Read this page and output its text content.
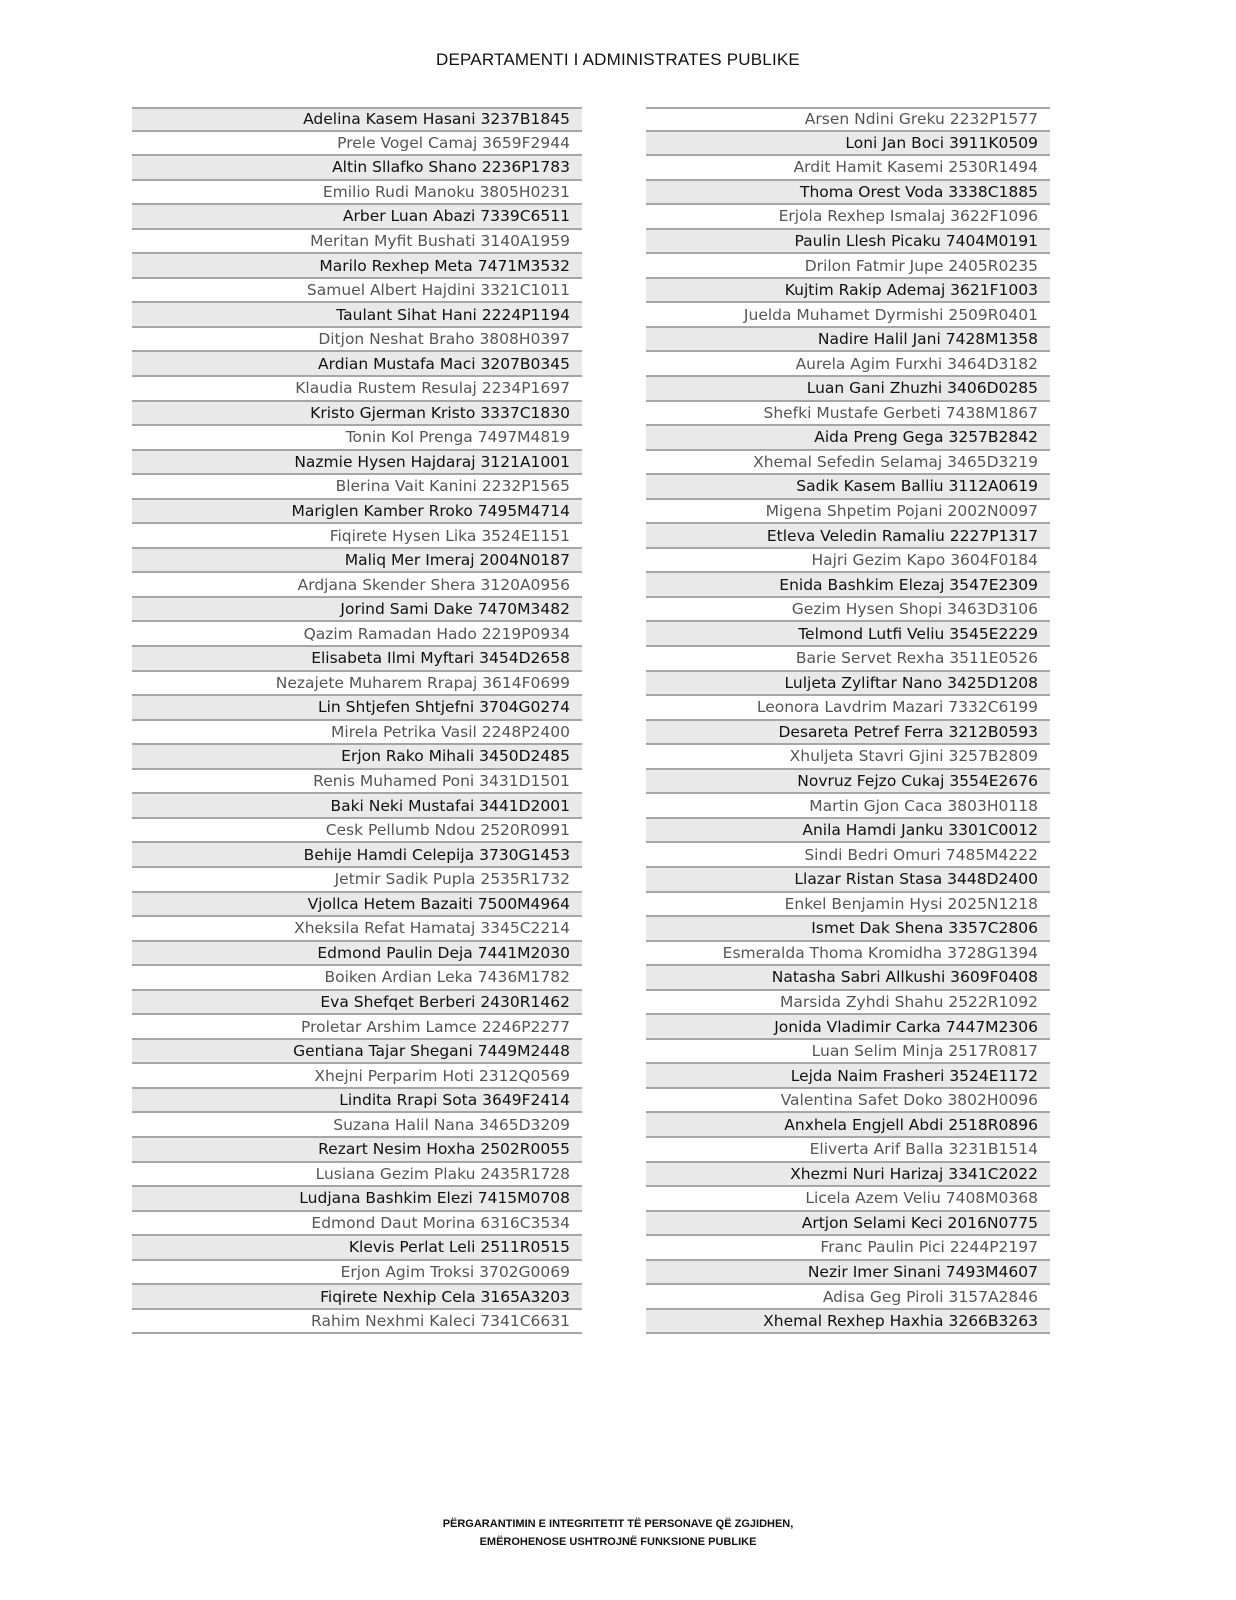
DEPARTAMENTI I ADMINISTRATES PUBLIKE
Adelina Kasem Hasani 3237B1845
Prele Vogel Camaj 3659F2944
Altin Sllafko Shano 2236P1783
Emilio Rudi Manoku 3805H0231
Arber Luan Abazi 7339C6511
Meritan Myfit Bushati 3140A1959
Marilo Rexhep Meta 7471M3532
Samuel Albert Hajdini 3321C1011
Taulant Sihat Hani 2224P1194
Ditjon Neshat Braho 3808H0397
Ardian Mustafa Maci 3207B0345
Klaudia Rustem Resulaj 2234P1697
Kristo Gjerman Kristo 3337C1830
Tonin Kol Prenga 7497M4819
Nazmie Hysen Hajdaraj 3121A1001
Blerina Vait Kanini 2232P1565
Mariglen Kamber Rroko 7495M4714
Fiqirete Hysen Lika 3524E1151
Maliq Mer Imeraj 2004N0187
Ardjana Skender Shera 3120A0956
Jorind Sami Dake 7470M3482
Qazim Ramadan Hado 2219P0934
Elisabeta Ilmi Myftari 3454D2658
Nezajete Muharem Rrapaj 3614F0699
Lin Shtjefen Shtjefni 3704G0274
Mirela Petrika Vasil 2248P2400
Erjon Rako Mihali 3450D2485
Renis Muhamed Poni 3431D1501
Baki Neki Mustafai 3441D2001
Cesk Pellumb Ndou 2520R0991
Behije Hamdi Celepija 3730G1453
Jetmir Sadik Pupla 2535R1732
Vjollca Hetem Bazaiti 7500M4964
Xheksila Refat Hamataj 3345C2214
Edmond Paulin Deja 7441M2030
Boiken Ardian Leka 7436M1782
Eva Shefqet Berberi 2430R1462
Proletar Arshim Lamce 2246P2277
Gentiana Tajar Shegani 7449M2448
Xhejni Perparim Hoti 2312Q0569
Lindita Rrapi Sota 3649F2414
Suzana Halil Nana 3465D3209
Rezart Nesim Hoxha 2502R0055
Lusiana Gezim Plaku 2435R1728
Ludjana Bashkim Elezi 7415M0708
Edmond Daut Morina 6316C3534
Klevis Perlat Leli 2511R0515
Erjon Agim Troksi 3702G0069
Fiqirete Nexhip Cela 3165A3203
Rahim Nexhmi Kaleci 7341C6631
Arsen Ndini Greku 2232P1577
Loni Jan Boci 3911K0509
Ardit Hamit Kasemi 2530R1494
Thoma Orest Voda 3338C1885
Erjola Rexhep Ismalaj 3622F1096
Paulin Llesh Picaku 7404M0191
Drilon Fatmir Jupe 2405R0235
Kujtim Rakip Ademaj 3621F1003
Juelda Muhamet Dyrmishi 2509R0401
Nadire Halil Jani 7428M1358
Aurela Agim Furxhi 3464D3182
Luan Gani Zhuzhi 3406D0285
Shefki Mustafe Gerbeti 7438M1867
Aida Preng Gega 3257B2842
Xhemal Sefedin Selamaj 3465D3219
Sadik Kasem Balliu 3112A0619
Migena Shpetim Pojani 2002N0097
Etleva Veledin Ramaliu 2227P1317
Hajri Gezim Kapo 3604F0184
Enida Bashkim Elezaj 3547E2309
Gezim Hysen Shopi 3463D3106
Telmond Lutfi Veliu 3545E2229
Barie Servet Rexha 3511E0526
Luljeta Zyliftar Nano 3425D1208
Leonora Lavdrim Mazari 7332C6199
Desareta Petref Ferra 3212B0593
Xhuljeta Stavri Gjini 3257B2809
Novruz Fejzo Cukaj 3554E2676
Martin Gjon Caca 3803H0118
Anila Hamdi Janku 3301C0012
Sindi Bedri Omuri 7485M4222
Llazar Ristan Stasa 3448D2400
Enkel Benjamin Hysi 2025N1218
Ismet Dak Shena 3357C2806
Esmeralda Thoma Kromidha 3728G1394
Natasha Sabri Allkushi 3609F0408
Marsida Zyhdi Shahu 2522R1092
Jonida Vladimir Carka 7447M2306
Luan Selim Minja 2517R0817
Lejda Naim Frasheri 3524E1172
Valentina Safet Doko 3802H0096
Anxhela Engjell Abdi 2518R0896
Eliverta Arif Balla 3231B1514
Xhezmi Nuri Harizaj 3341C2022
Licela Azem Veliu 7408M0368
Artjon Selami Keci 2016N0775
Franc Paulin Pici 2244P2197
Nezir Imer Sinani 7493M4607
Adisa Geg Piroli 3157A2846
Xhemal Rexhep Haxhia 3266B3263
PËRGARANTIMIN E INTEGRITETIT TË PERSONAVE QË ZGJIDHEN,
EMËROHENOSE USHTROJNË FUNKSIONE PUBLIKE
